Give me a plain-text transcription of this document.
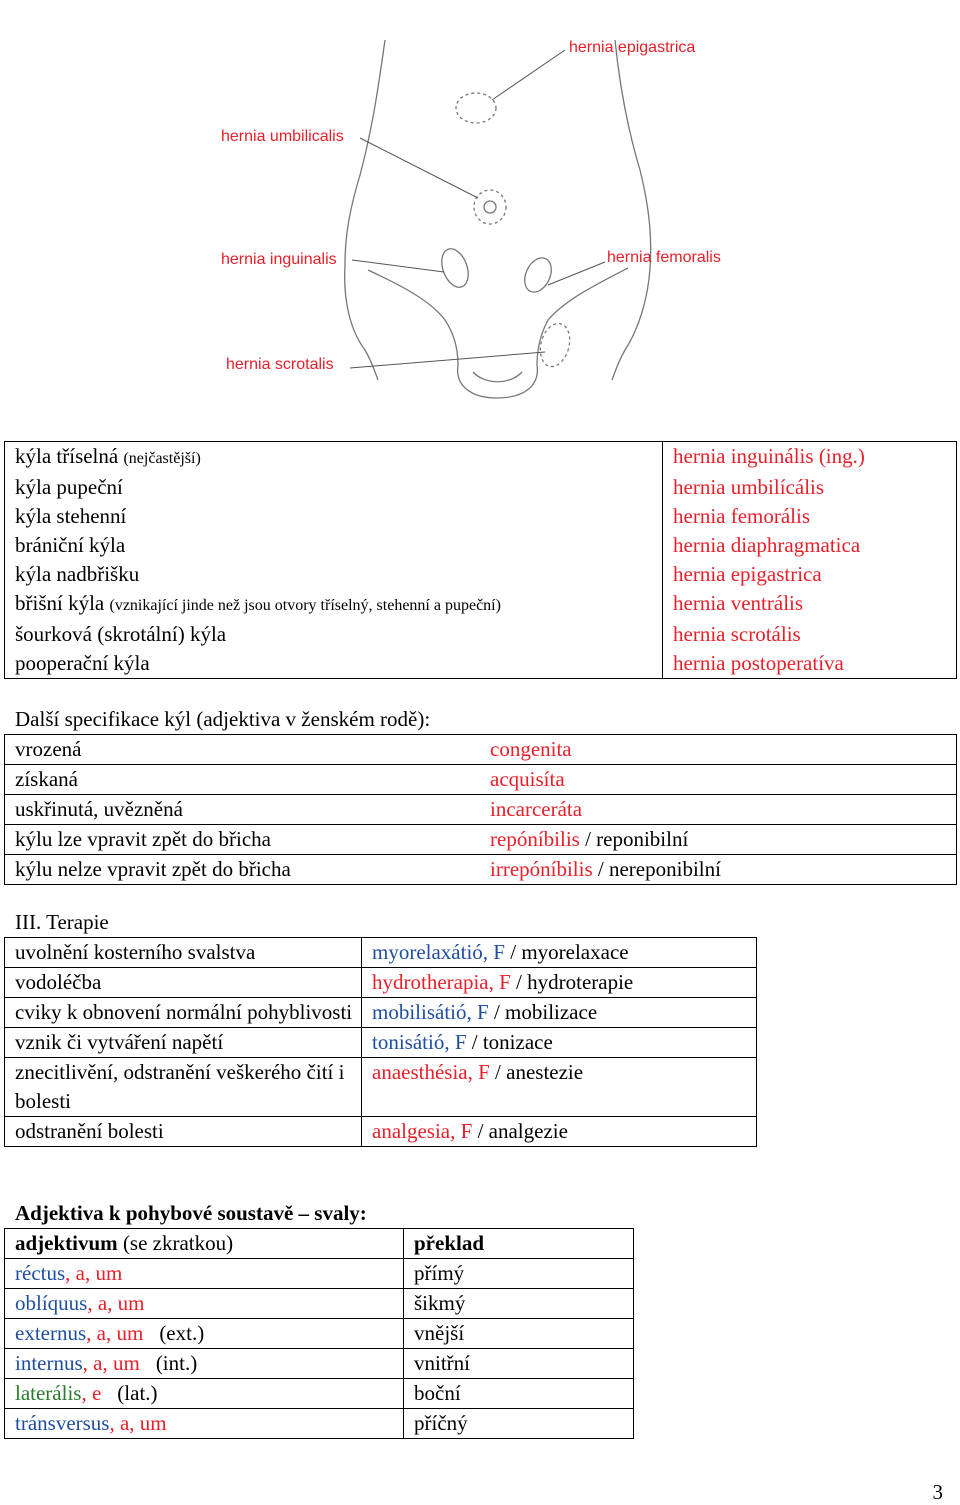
hernia epigastrica
hernia umbilicalis
hernia inguinalis	hernia femoralis
hernia scrotalis
kýla tříselná (nejčastější)	hernia inguinális (ing.)
kýla pupeční	hernia umbilícális
kýla stehenní	hernia femorális
brániční kýla	hernia diaphragmatica
kýla nadbřišku	hernia epigastrica
břišní kýla (vznikající jinde než jsou otvory tříselný, stehenní a pupeční)	hernia ventrális
šourková (skrotální) kýla	hernia scrotális
pooperační kýla	hernia postoperatíva
Další specifikace kýl (adjektiva v ženském rodě):
vrozená	congenita
získaná	acquisíta
uskřinutá, uvězněná	incarceráta
kýlu lze vpravit zpět do břicha	repóníbilis / reponibilní
kýlu nelze vpravit zpět do břicha	irrepóníbilis / nereponibilní
III. Terapie
uvolnění kosterního svalstva	myorelaxátió, F / myorelaxace
vodoléčba	hydrotherapia, F / hydroterapie
cviky k obnovení normální pohyblivosti	mobilisátió, F / mobilizace
vznik či vytváření napětí	tonisátió, F / tonizace
znecitlivění, odstranění veškerého čití i bolesti	anaesthésia, F / anestezie
odstranění bolesti	analgesia, F / analgezie
Adjektiva k pohybové soustavě – svaly:
adjektivum (se zkratkou)	překlad
réctus, a, um	přímý
oblíquus, a, um	šikmý
externus, a, um (ext.)	vnější
internus, a, um (int.)	vnitřní
laterális, e (lat.)	boční
tránsversus, a, um	příčný
3
